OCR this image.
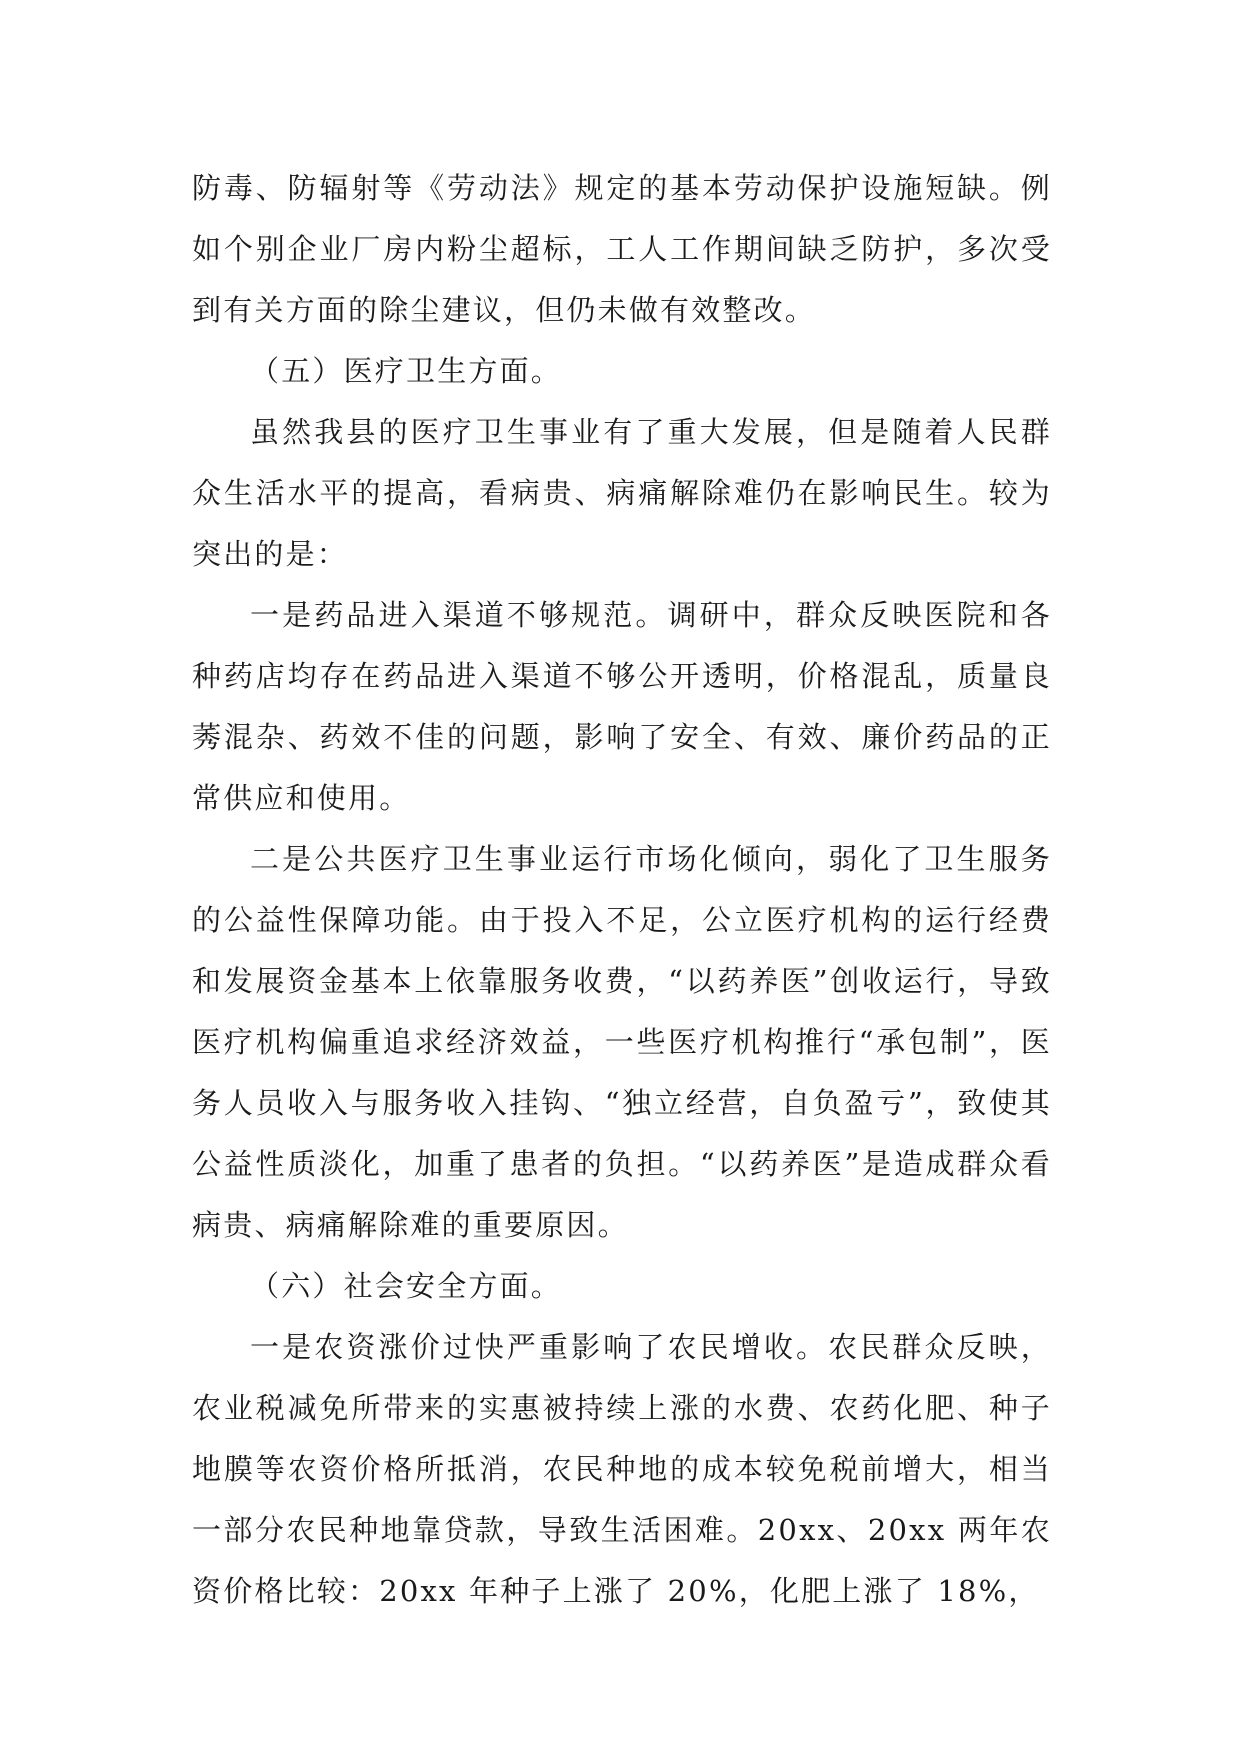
防毒、防辐射等《劳动法》规定的基本劳动保护设施短缺。例如个别企业厂房内粉尘超标，工人工作期间缺乏防护，多次受到有关方面的除尘建议，但仍未做有效整改。

（五）医疗卫生方面。

虽然我县的医疗卫生事业有了重大发展，但是随着人民群众生活水平的提高，看病贵、病痛解除难仍在影响民生。较为突出的是：

一是药品进入渠道不够规范。调研中，群众反映医院和各种药店均存在药品进入渠道不够公开透明，价格混乱，质量良莠混杂、药效不佳的问题，影响了安全、有效、廉价药品的正常供应和使用。

二是公共医疗卫生事业运行市场化倾向，弱化了卫生服务的公益性保障功能。由于投入不足，公立医疗机构的运行经费和发展资金基本上依靠服务收费，“以药养医”创收运行，导致医疗机构偏重追求经济效益，一些医疗机构推行“承包制”，医务人员收入与服务收入挂钩、“独立经营，自负盈亏”，致使其公益性质淡化，加重了患者的负担。“以药养医”是造成群众看病贵、病痛解除难的重要原因。

（六）社会安全方面。

一是农资涨价过快严重影响了农民增收。农民群众反映，农业税减免所带来的实惠被持续上涨的水费、农药化肥、种子地膜等农资价格所抵消，农民种地的成本较免税前增大，相当一部分农民种地靠贷款，导致生活困难。20xx、20xx 两年农资价格比较：20xx 年种子上涨了 20%，化肥上涨了 18%，
